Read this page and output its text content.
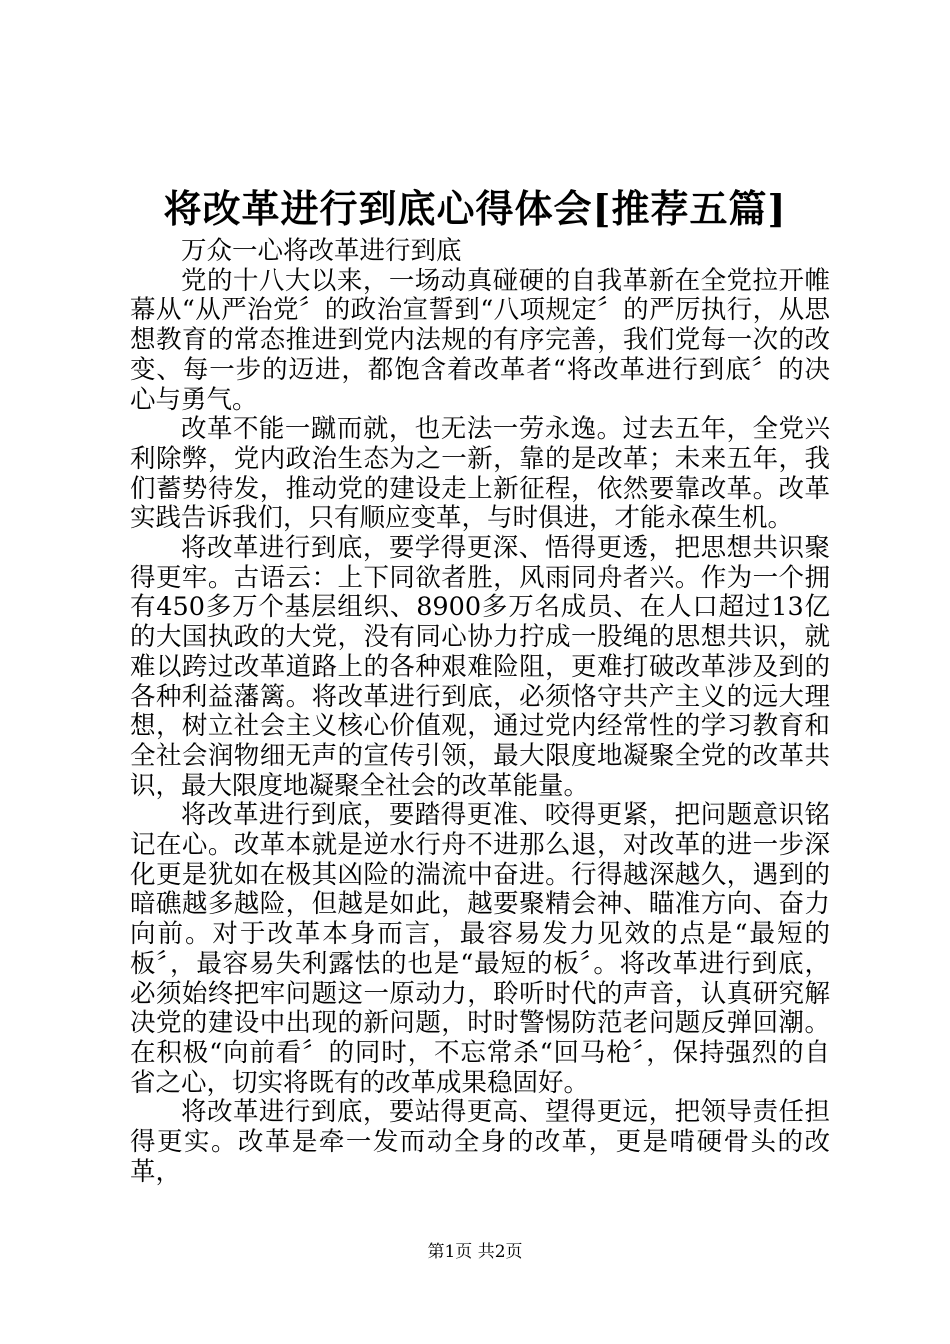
将改革进行到底心得体会[推荐五篇]

万众一心将改革进行到底

党的十八大以来，一场动真碰硬的自我革新在全党拉开帷幕从“从严治党〞的政治宣誓到“八项规定〞的严厉执行，从思想教育的常态推进到党内法规的有序完善，我们党每一次的改变、每一步的迈进，都饱含着改革者“将改革进行到底〞的决心与勇气。

改革不能一蹴而就，也无法一劳永逸。过去五年，全党兴利除弊，党内政治生态为之一新，靠的是改革；未来五年，我们蓄势待发，推动党的建设走上新征程，依然要靠改革。改革实践告诉我们，只有顺应变革，与时俱进，才能永葆生机。

将改革进行到底，要学得更深、悟得更透，把思想共识聚得更牢。古语云：上下同欲者胜，风雨同舟者兴。作为一个拥有450多万个基层组织、8900多万名成员、在人口超过13亿的大国执政的大党，没有同心协力拧成一股绳的思想共识，就难以跨过改革道路上的各种艰难险阻，更难打破改革涉及到的各种利益藩篱。将改革进行到底，必须恪守共产主义的远大理想，树立社会主义核心价值观，通过党内经常性的学习教育和全社会润物细无声的宣传引领，最大限度地凝聚全党的改革共识，最大限度地凝聚全社会的改革能量。

将改革进行到底，要踏得更准、咬得更紧，把问题意识铭记在心。改革本就是逆水行舟不进那么退，对改革的进一步深化更是犹如在极其凶险的湍流中奋进。行得越深越久，遇到的暗礁越多越险，但越是如此，越要聚精会神、瞄准方向、奋力向前。对于改革本身而言，最容易发力见效的点是“最短的板〞，最容易失利露怯的也是“最短的板〞。将改革进行到底，必须始终把牢问题这一原动力，聆听时代的声音，认真研究解决党的建设中出现的新问题，时时警惕防范老问题反弹回潮。在积极“向前看〞的同时，不忘常杀“回马枪〞，保持强烈的自省之心，切实将既有的改革成果稳固好。

将改革进行到底，要站得更高、望得更远，把领导责任担得更实。改革是牵一发而动全身的改革，更是啃硬骨头的改革，

第1页 共2页
